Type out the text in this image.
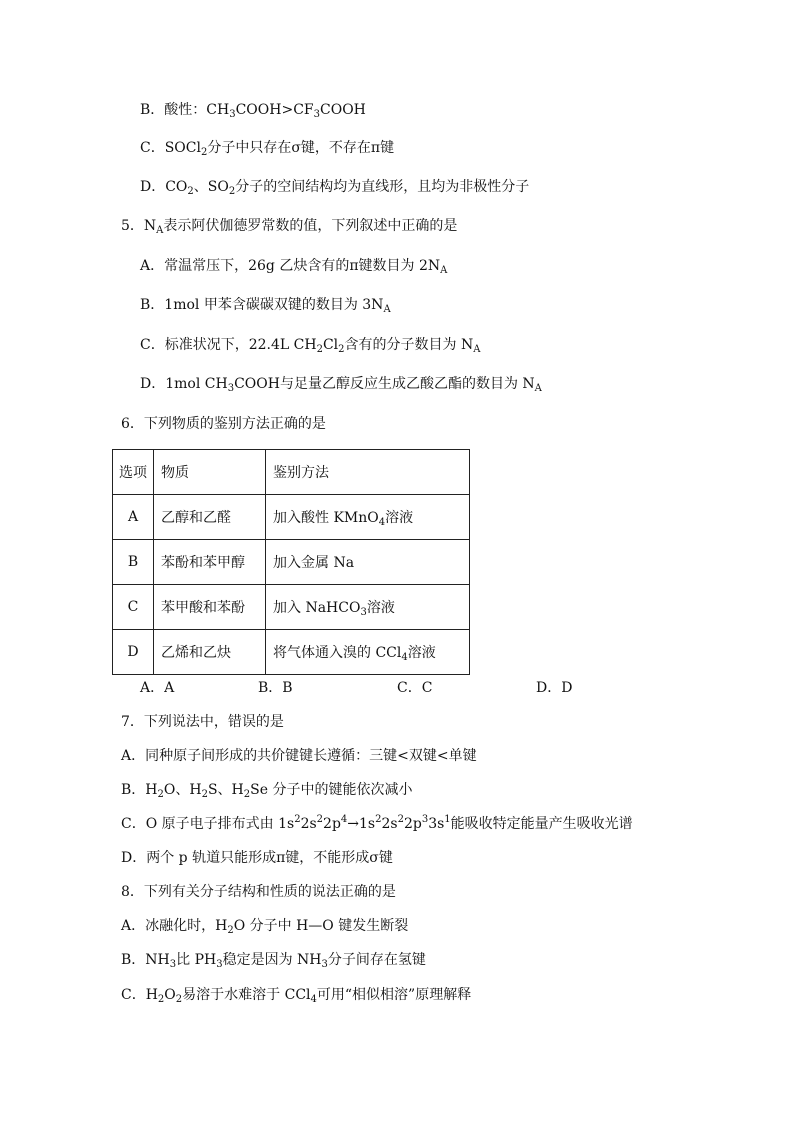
B．酸性：$CH_3COOH>CF_3COOH$
C．SOCl$_2$分子中只存在σ键，不存在π键
D．$CO_2$、$SO_2$分子的空间结构均为直线形，且均为非极性分子
5．$N_A$表示阿伏伽德罗常数的值，下列叙述中正确的是
A．常温常压下，26g 乙炔含有的π键数目为 $2N_A$
B．1mol 甲苯含碳碳双键的数目为 $3N_A$
C．标准状况下，22.4L $CH_2Cl_2$含有的分子数目为 $N_A$
D．1mol $CH_3COOH$与足量乙醇反应生成乙酸乙酯的数目为 $N_A$
6．下列物质的鉴别方法正确的是
选项	物质	鉴别方法
A	乙醇和乙醛	加入酸性 KMnO$_4$溶液
B	苯酚和苯甲醇	加入金属 Na
C	苯甲酸和苯酚	加入 NaHCO$_3$溶液
D	乙烯和乙炔	将气体通入溴的 CCl$_4$溶液
A．A	B．B	C．C	D．D
7．下列说法中，错误的是
A．同种原子间形成的共价键键长遵循：三键<双键<单键
B．$H_2O$、$H_2S$、$H_2Se$ 分子中的键能依次减小
C．O 原子电子排布式由 $1s^22s^22p^4\to 1s^22s^22p^33s^1$能吸收特定能量产生吸收光谱
D．两个 p 轨道只能形成π键，不能形成σ键
8．下列有关分子结构和性质的说法正确的是
A．冰融化时，$H_2O$ 分子中 H—O 键发生断裂
B．$NH_3$比 $PH_3$稳定是因为 $NH_3$分子间存在氢键
C．$H_2O_2$易溶于水难溶于 CCl$_4$可用“相似相溶”原理解释
